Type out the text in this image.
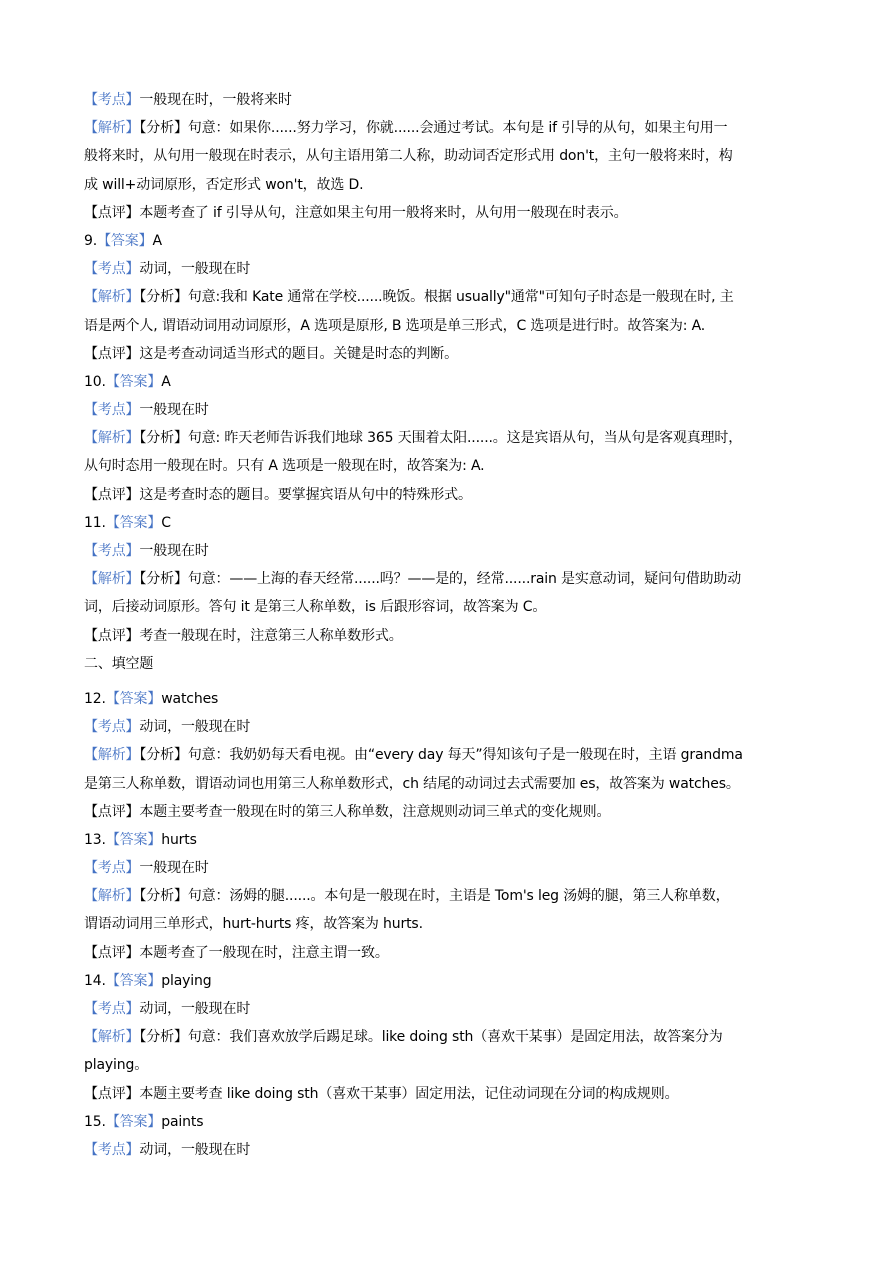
【考点】一般现在时，一般将来时
【解析】【分析】句意：如果你......努力学习，你就......会通过考试。本句是 if 引导的从句，如果主句用一
般将来时，从句用一般现在时表示，从句主语用第二人称，助动词否定形式用 don't，主句一般将来时，构
成 will+动词原形，否定形式 won't，故选 D.
【点评】本题考查了 if 引导从句，注意如果主句用一般将来时，从句用一般现在时表示。
9.【答案】A
【考点】动词，一般现在时
【解析】【分析】句意:我和 Kate 通常在学校......晚饭。根据 usually"通常"可知句子时态是一般现在时, 主
语是两个人, 谓语动词用动词原形，A 选项是原形, B 选项是单三形式，C 选项是进行时。故答案为: A.
【点评】这是考查动词适当形式的题目。关键是时态的判断。
10.【答案】A
【考点】一般现在时
【解析】【分析】句意: 昨天老师告诉我们地球 365 天围着太阳......。这是宾语从句，当从句是客观真理时，
从句时态用一般现在时。只有 A 选项是一般现在时，故答案为: A.
【点评】这是考查时态的题目。要掌握宾语从句中的特殊形式。
11.【答案】C
【考点】一般现在时
【解析】【分析】句意：——上海的春天经常......吗？——是的，经常......rain 是实意动词，疑问句借助助动
词，后接动词原形。答句 it 是第三人称单数，is 后跟形容词，故答案为 C。
【点评】考查一般现在时，注意第三人称单数形式。
二、填空题
12.【答案】watches
【考点】动词，一般现在时
【解析】【分析】句意：我奶奶每天看电视。由“every day 每天”得知该句子是一般现在时，主语 grandma
是第三人称单数，谓语动词也用第三人称单数形式，ch 结尾的动词过去式需要加 es，故答案为 watches。
【点评】本题主要考查一般现在时的第三人称单数，注意规则动词三单式的变化规则。
13.【答案】hurts
【考点】一般现在时
【解析】【分析】句意：汤姆的腿......。本句是一般现在时，主语是 Tom's leg 汤姆的腿，第三人称单数，
谓语动词用三单形式，hurt-hurts 疼，故答案为 hurts.
【点评】本题考查了一般现在时，注意主谓一致。
14.【答案】playing
【考点】动词，一般现在时
【解析】【分析】句意：我们喜欢放学后踢足球。like doing sth（喜欢干某事）是固定用法，故答案分为
playing。
【点评】本题主要考查 like doing sth（喜欢干某事）固定用法，记住动词现在分词的构成规则。
15.【答案】paints
【考点】动词，一般现在时
